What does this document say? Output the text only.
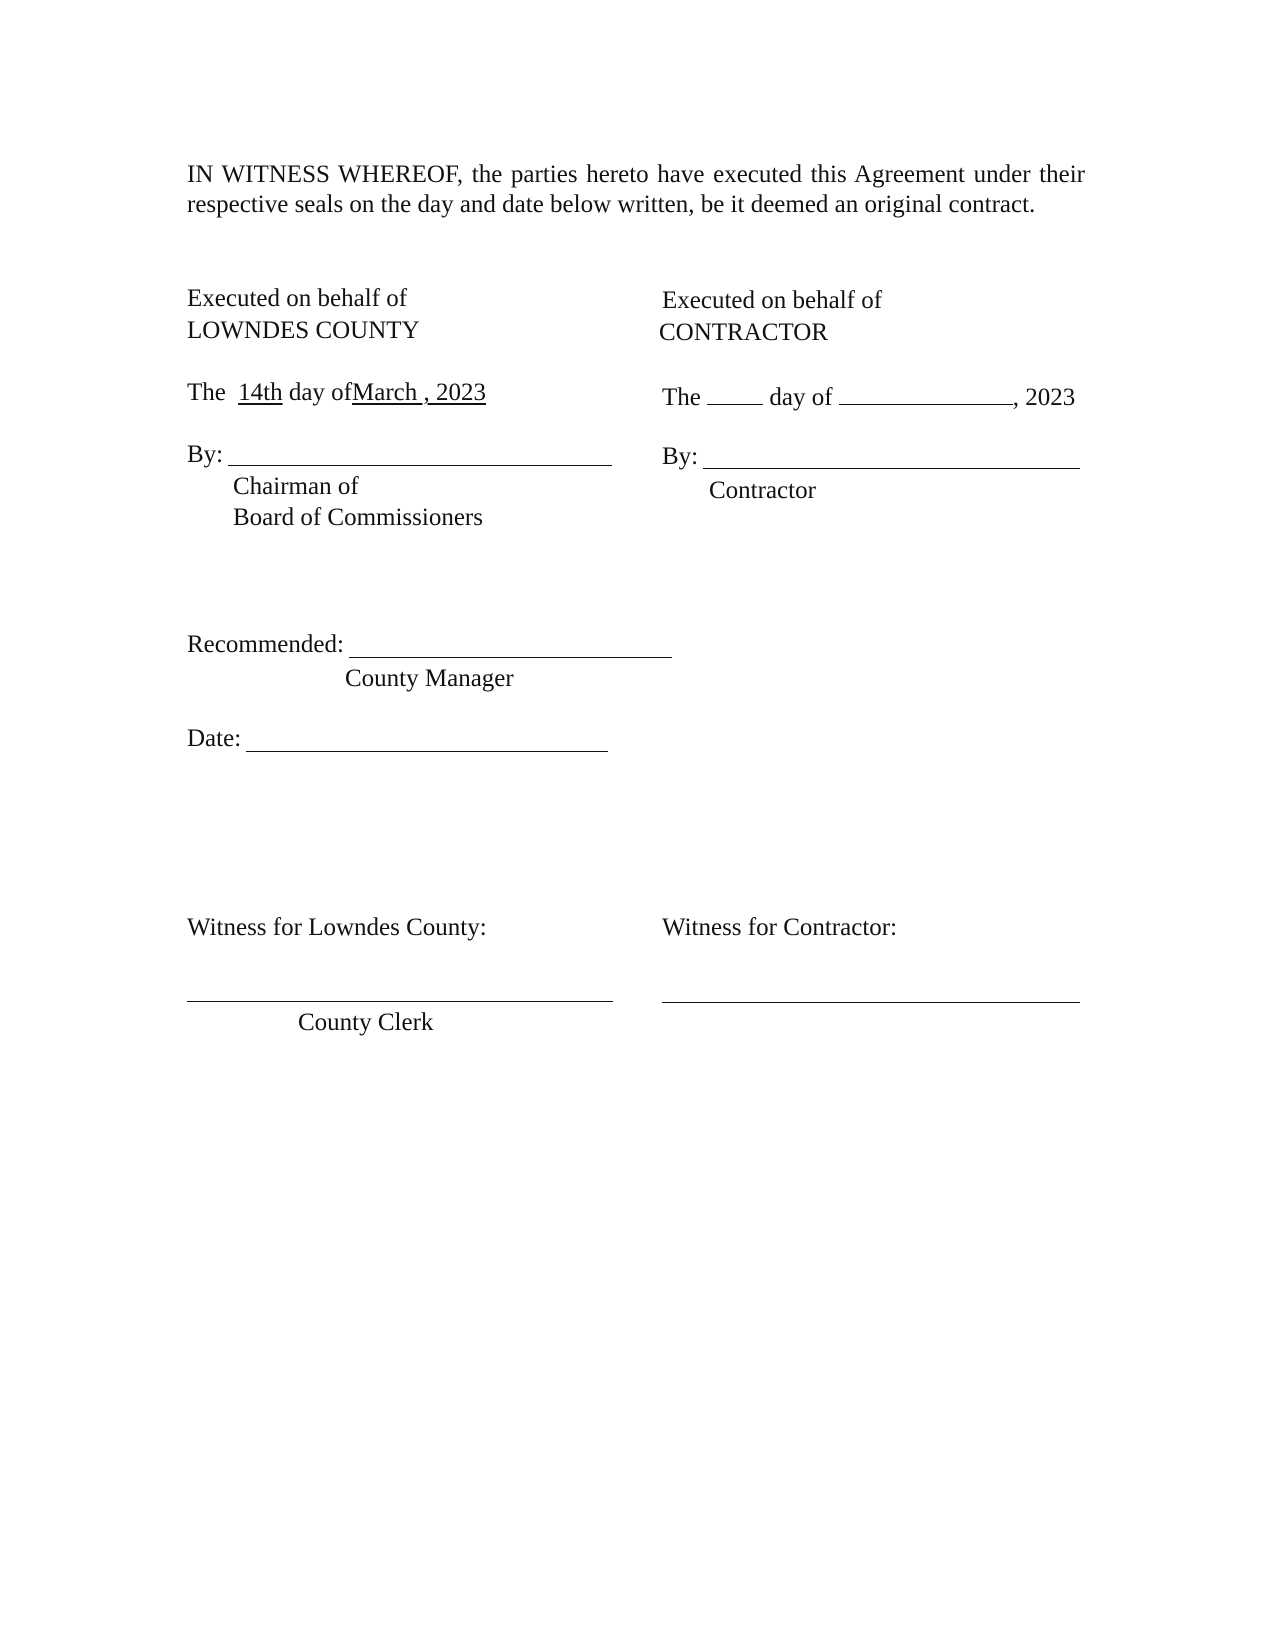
IN WITNESS WHEREOF, the parties hereto have executed this Agreement under their
respective seals on the day and date below written, be it deemed an original contract.
Executed on behalf of
LOWNDES COUNTY
The 14th day ofMarch , 2023
By:
Chairman of
Board of Commissioners
Executed on behalf of
CONTRACTOR
The	day of	, 2023
By:
Contractor
Recommended:
County Manager
Date:
Witness for Lowndes County:	Witness for Contractor:
County Clerk
